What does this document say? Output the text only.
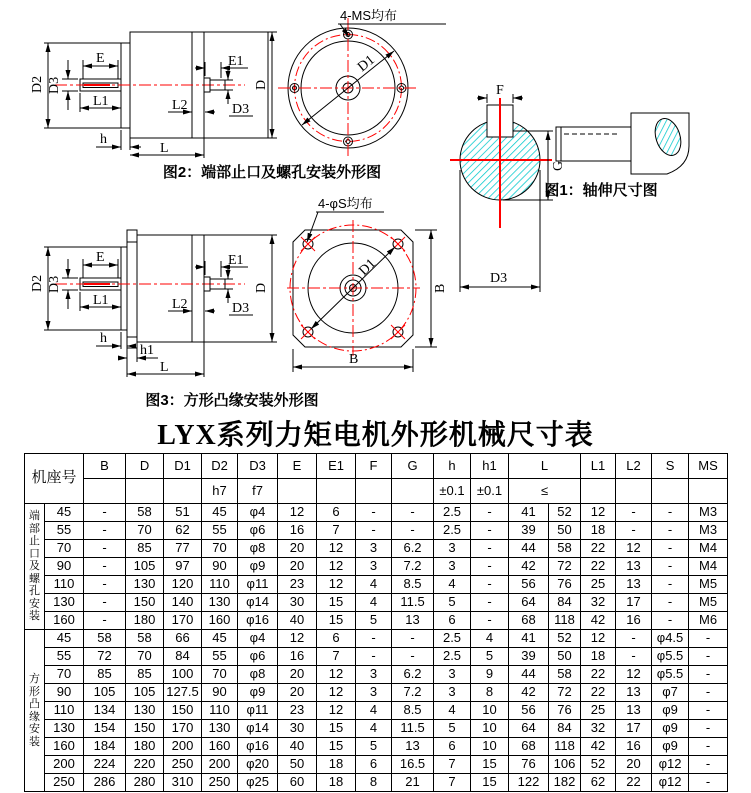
D2 D3
E
L1
h
L
E1
L2	D3
D
D1
4-MS均布
F
G
D3
D2 D3
E
L1
h
h1
L
E1
L2	D3
D
D1
4-φS均布
B
B
图2：端部止口及螺孔安装外形图
图1：轴伸尺寸图
图3：方形凸缘安装外形图
LYX系列力矩电机外形机械尺寸表
机座号		B	D	D1	D2	D3	E	E1	F	G	h	h1	L		L1	L2	S	MS
					h7	f7					±0.1	±0.1	≤					
端
部
止
口
及
螺
孔
安
装	45	-	58	51	45	φ4	12	6	-	-	2.5	-	41	52	12	-	-	M3
	55	-	70	62	55	φ6	16	7	-	-	2.5	-	39	50	18	-	-	M3
	70	-	85	77	70	φ8	20	12	3	6.2	3	-	44	58	22	12	-	M4
	90	-	105	97	90	φ9	20	12	3	7.2	3	-	42	72	22	13	-	M4
	110	-	130	120	110	φ11	23	12	4	8.5	4	-	56	76	25	13	-	M5
	130	-	150	140	130	φ14	30	15	4	11.5	5	-	64	84	32	17	-	M5
	160	-	180	170	160	φ16	40	15	5	13	6	-	68	118	42	16	-	M6
方
形
凸
缘
安
装	45	58	58	66	45	φ4	12	6	-	-	2.5	4	41	52	12	-	φ4.5	-
	55	72	70	84	55	φ6	16	7	-	-	2.5	5	39	50	18	-	φ5.5	-
	70	85	85	100	70	φ8	20	12	3	6.2	3	9	44	58	22	12	φ5.5	-
	90	105	105	127.5	90	φ9	20	12	3	7.2	3	8	42	72	22	13	φ7	-
	110	134	130	150	110	φ11	23	12	4	8.5	4	10	56	76	25	13	φ9	-
	130	154	150	170	130	φ14	30	15	4	11.5	5	10	64	84	32	17	φ9	-
	160	184	180	200	160	φ16	40	15	5	13	6	10	68	118	42	16	φ9	-
	200	224	220	250	200	φ20	50	18	6	16.5	7	15	76	106	52	20	φ12	-
	250	286	280	310	250	φ25	60	18	8	21	7	15	122	182	62	22	φ12	-
